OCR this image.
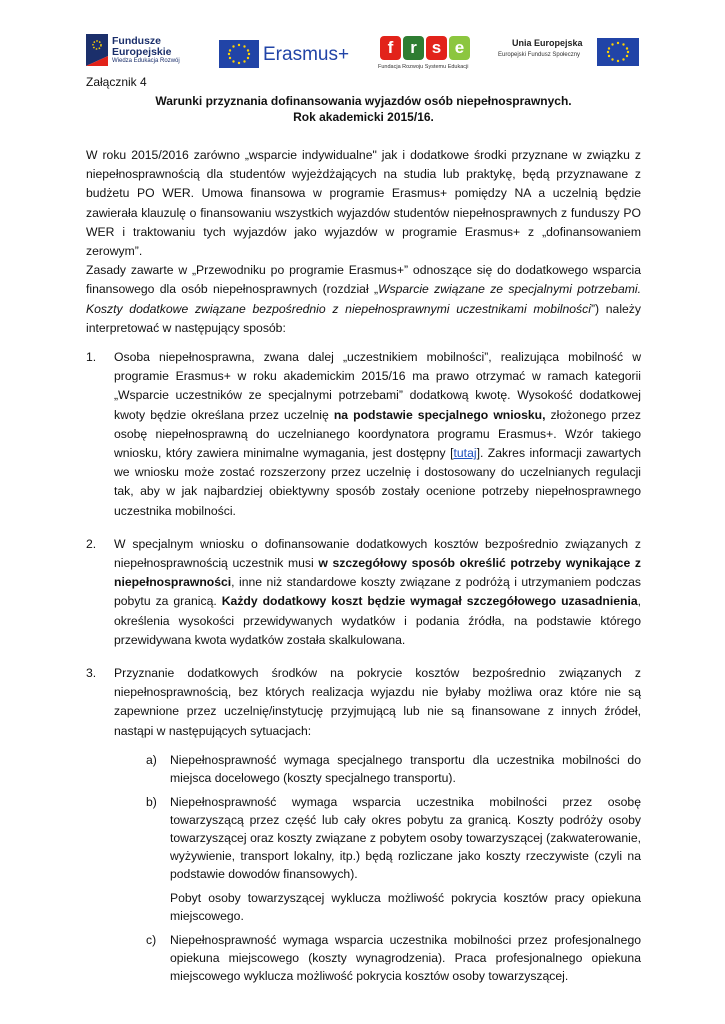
Fundusze Europejskie
Wiedza Edukacja Rozwój	Erasmus+	f r s e
Fundacja Rozwoju Systemu Edukacji
Unia Europejska
Europejski Fundusz Społeczny
Załącznik 4
Warunki przyznania dofinansowania wyjazdów osób niepełnosprawnych.
Rok akademicki 2015/16.

W roku 2015/2016 zarówno „wsparcie indywidualne" jak i dodatkowe środki przyznane w związku z niepełnosprawnością dla studentów wyjeżdżających na studia lub praktykę, będą przyznawane z budżetu PO WER. Umowa finansowa w programie Erasmus+ pomiędzy NA a uczelnią będzie zawierała klauzulę o finansowaniu wszystkich wyjazdów studentów niepełnosprawnych z funduszy PO WER i traktowaniu tych wyjazdów jako wyjazdów w programie Erasmus+ z „dofinansowaniem zerowym”.

Zasady zawarte w „Przewodniku po programie Erasmus+” odnoszące się do dodatkowego wsparcia finansowego dla osób niepełnosprawnych (rozdział „Wsparcie związane ze specjalnymi potrzebami. Koszty dodatkowe związane bezpośrednio z niepełnosprawnymi uczestnikami mobilności”) należy interpretować w następujący sposób:

1. Osoba niepełnosprawna, zwana dalej „uczestnikiem mobilności”, realizująca mobilność w programie Erasmus+ w roku akademickim 2015/16 ma prawo otrzymać w ramach kategorii „Wsparcie uczestników ze specjalnymi potrzebami” dodatkową kwotę. Wysokość dodatkowej kwoty będzie określana przez uczelnię na podstawie specjalnego wniosku, złożonego przez osobę niepełnosprawną do uczelnianego koordynatora programu Erasmus+. Wzór takiego wniosku, który zawiera minimalne wymagania, jest dostępny [tutaj]. Zakres informacji zawartych we wniosku może zostać rozszerzony przez uczelnię i dostosowany do uczelnianych regulacji tak, aby w jak najbardziej obiektywny sposób zostały ocenione potrzeby niepełnosprawnego uczestnika mobilności.
2. W specjalnym wniosku o dofinansowanie dodatkowych kosztów bezpośrednio związanych z niepełnosprawnością uczestnik musi w szczegółowy sposób określić potrzeby wynikające z niepełnosprawności, inne niż standardowe koszty związane z podróżą i utrzymaniem podczas pobytu za granicą. Każdy dodatkowy koszt będzie wymagał szczegółowego uzasadnienia, określenia wysokości przewidywanych wydatków i podania źródła, na podstawie którego przewidywana kwota wydatków została skalkulowana.
3. Przyznanie dodatkowych środków na pokrycie kosztów bezpośrednio związanych z niepełnosprawnością, bez których realizacja wyjazdu nie byłaby możliwa oraz które nie są zapewnione przez uczelnię/instytucję przyjmującą lub nie są finansowane z innych źródeł, nastąpi w następujących sytuacjach:
a) Niepełnosprawność wymaga specjalnego transportu dla uczestnika mobilności do miejsca docelowego (koszty specjalnego transportu).
b) Niepełnosprawność wymaga wsparcia uczestnika mobilności przez osobę towarzyszącą przez część lub cały okres pobytu za granicą. Koszty podróży osoby towarzyszącej oraz koszty związane z pobytem osoby towarzyszącej (zakwaterowanie, wyżywienie, transport lokalny, itp.) będą rozliczane jako koszty rzeczywiste (czyli na podstawie dowodów finansowych).
Pobyt osoby towarzyszącej wyklucza możliwość pokrycia kosztów pracy opiekuna miejscowego.
c) Niepełnosprawność wymaga wsparcia uczestnika mobilności przez profesjonalnego opiekuna miejscowego (koszty wynagrodzenia). Praca profesjonalnego opiekuna miejscowego wyklucza możliwość pokrycia kosztów osoby towarzyszącej.
